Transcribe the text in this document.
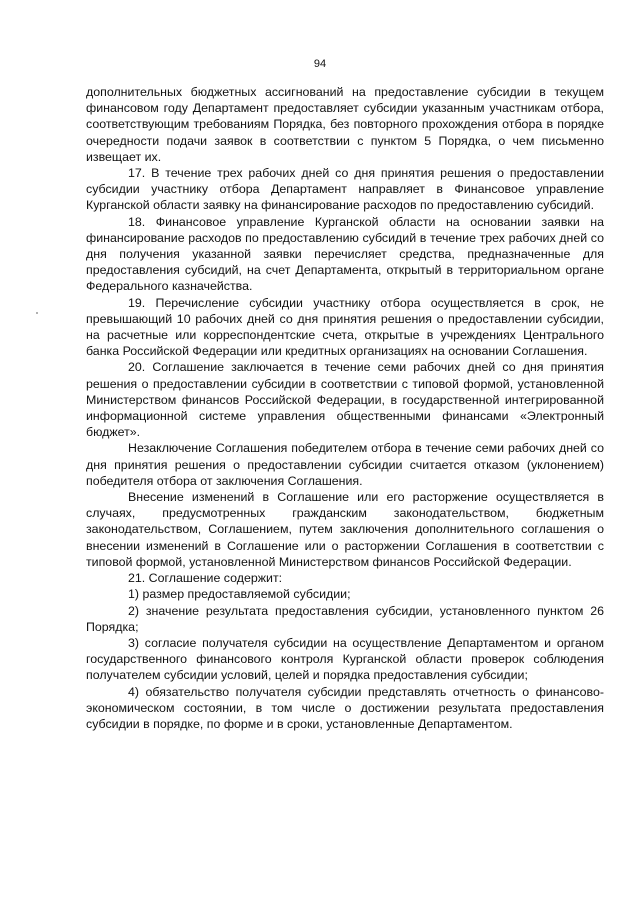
94

дополнительных бюджетных ассигнований на предоставление субсидии в текущем финансовом году Департамент предоставляет субсидии указанным участникам отбора, соответствующим требованиям Порядка, без повторного прохождения отбора в порядке очередности подачи заявок в соответствии с пунктом 5 Порядка, о чем письменно извещает их.

17. В течение трех рабочих дней со дня принятия решения о предоставлении субсидии участнику отбора Департамент направляет в Финансовое управление Курганской области заявку на финансирование расходов по предоставлению субсидий.

18. Финансовое управление Курганской области на основании заявки на финансирование расходов по предоставлению субсидий в течение трех рабочих дней со дня получения указанной заявки перечисляет средства, предназначенные для предоставления субсидий, на счет Департамента, открытый в территориальном органе Федерального казначейства.

19. Перечисление субсидии участнику отбора осуществляется в срок, не превышающий 10 рабочих дней со дня принятия решения о предоставлении субсидии, на расчетные или корреспондентские счета, открытые в учреждениях Центрального банка Российской Федерации или кредитных организациях на основании Соглашения.

20. Соглашение заключается в течение семи рабочих дней со дня принятия решения о предоставлении субсидии в соответствии с типовой формой, установленной Министерством финансов Российской Федерации, в государственной интегрированной информационной системе управления общественными финансами «Электронный бюджет».

Незаключение Соглашения победителем отбора в течение семи рабочих дней со дня принятия решения о предоставлении субсидии считается отказом (уклонением) победителя отбора от заключения Соглашения.

Внесение изменений в Соглашение или его расторжение осуществляется в случаях, предусмотренных гражданским законодательством, бюджетным законодательством, Соглашением, путем заключения дополнительного соглашения о внесении изменений в Соглашение или о расторжении Соглашения в соответствии с типовой формой, установленной Министерством финансов Российской Федерации.

21. Соглашение содержит:

1) размер предоставляемой субсидии;

2) значение результата предоставления субсидии, установленного пунктом 26 Порядка;

3) согласие получателя субсидии на осуществление Департаментом и органом государственного финансового контроля Курганской области проверок соблюдения получателем субсидии условий, целей и порядка предоставления субсидии;

4) обязательство получателя субсидии представлять отчетность о финансово-экономическом состоянии, в том числе о достижении результата предоставления субсидии в порядке, по форме и в сроки, установленные Департаментом.
